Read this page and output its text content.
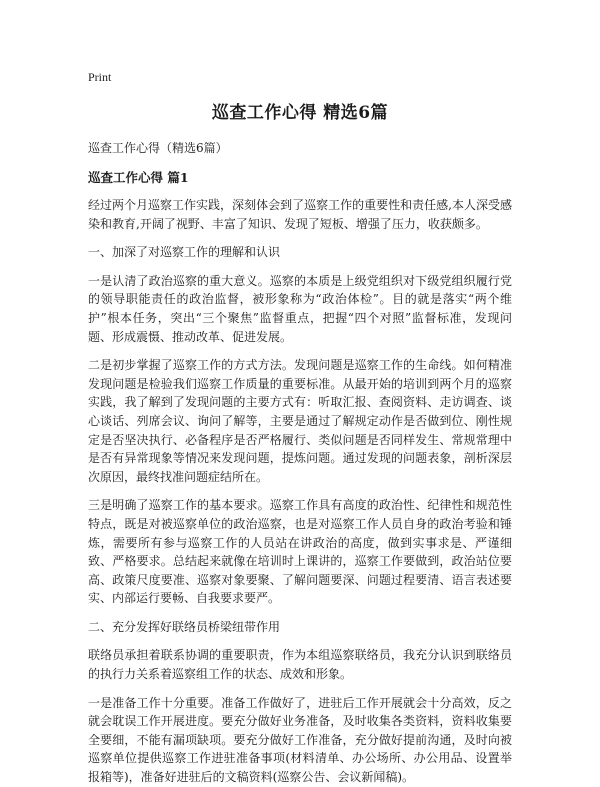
Print
巡查工作心得 精选6篇
巡查工作心得（精选6篇）
巡查工作心得 篇1

经过两个月巡察工作实践，深刻体会到了巡察工作的重要性和责任感,本人深受感染和教育,开阔了视野、丰富了知识、发现了短板、增强了压力，收获颇多。

一、加深了对巡察工作的理解和认识

一是认清了政治巡察的重大意义。巡察的本质是上级党组织对下级党组织履行党的领导职能责任的政治监督，被形象称为“政治体检”。目的就是落实“两个维护”根本任务，突出“三个聚焦”监督重点，把握“四个对照”监督标准，发现问题、形成震慑、推动改革、促进发展。

二是初步掌握了巡察工作的方式方法。发现问题是巡察工作的生命线。如何精准发现问题是检验我们巡察工作质量的重要标准。从最开始的培训到两个月的巡察实践，我了解到了发现问题的主要方式有：听取汇报、查阅资料、走访调查、谈心谈话、列席会议、询问了解等，主要是通过了解规定动作是否做到位、刚性规定是否坚决执行、必备程序是否严格履行、类似问题是否同样发生、常规常理中是否有异常现象等情况来发现问题，提炼问题。通过发现的问题表象，剖析深层次原因，最终找准问题症结所在。

三是明确了巡察工作的基本要求。巡察工作具有高度的政治性、纪律性和规范性特点，既是对被巡察单位的政治巡察，也是对巡察工作人员自身的政治考验和锤炼，需要所有参与巡察工作的人员站在讲政治的高度，做到实事求是、严谨细致、严格要求。总结起来就像在培训时上课讲的，巡察工作要做到，政治站位要高、政策尺度要准、巡察对象要聚、了解问题要深、问题过程要清、语言表述要实、内部运行要畅、自我要求要严。

二、充分发挥好联络员桥梁纽带作用

联络员承担着联系协调的重要职责，作为本组巡察联络员，我充分认识到联络员的执行力关系着巡察组工作的状态、成效和形象。

一是准备工作十分重要。准备工作做好了，进驻后工作开展就会十分高效，反之就会耽误工作开展进度。要充分做好业务准备，及时收集各类资料，资料收集要全要细，不能有漏项缺项。要充分做好工作准备，充分做好提前沟通，及时向被巡察单位提供巡察工作进驻准备事项(材料清单、办公场所、办公用品、设置举报箱等)，准备好进驻后的文稿资料(巡察公告、会议新闻稿)。
